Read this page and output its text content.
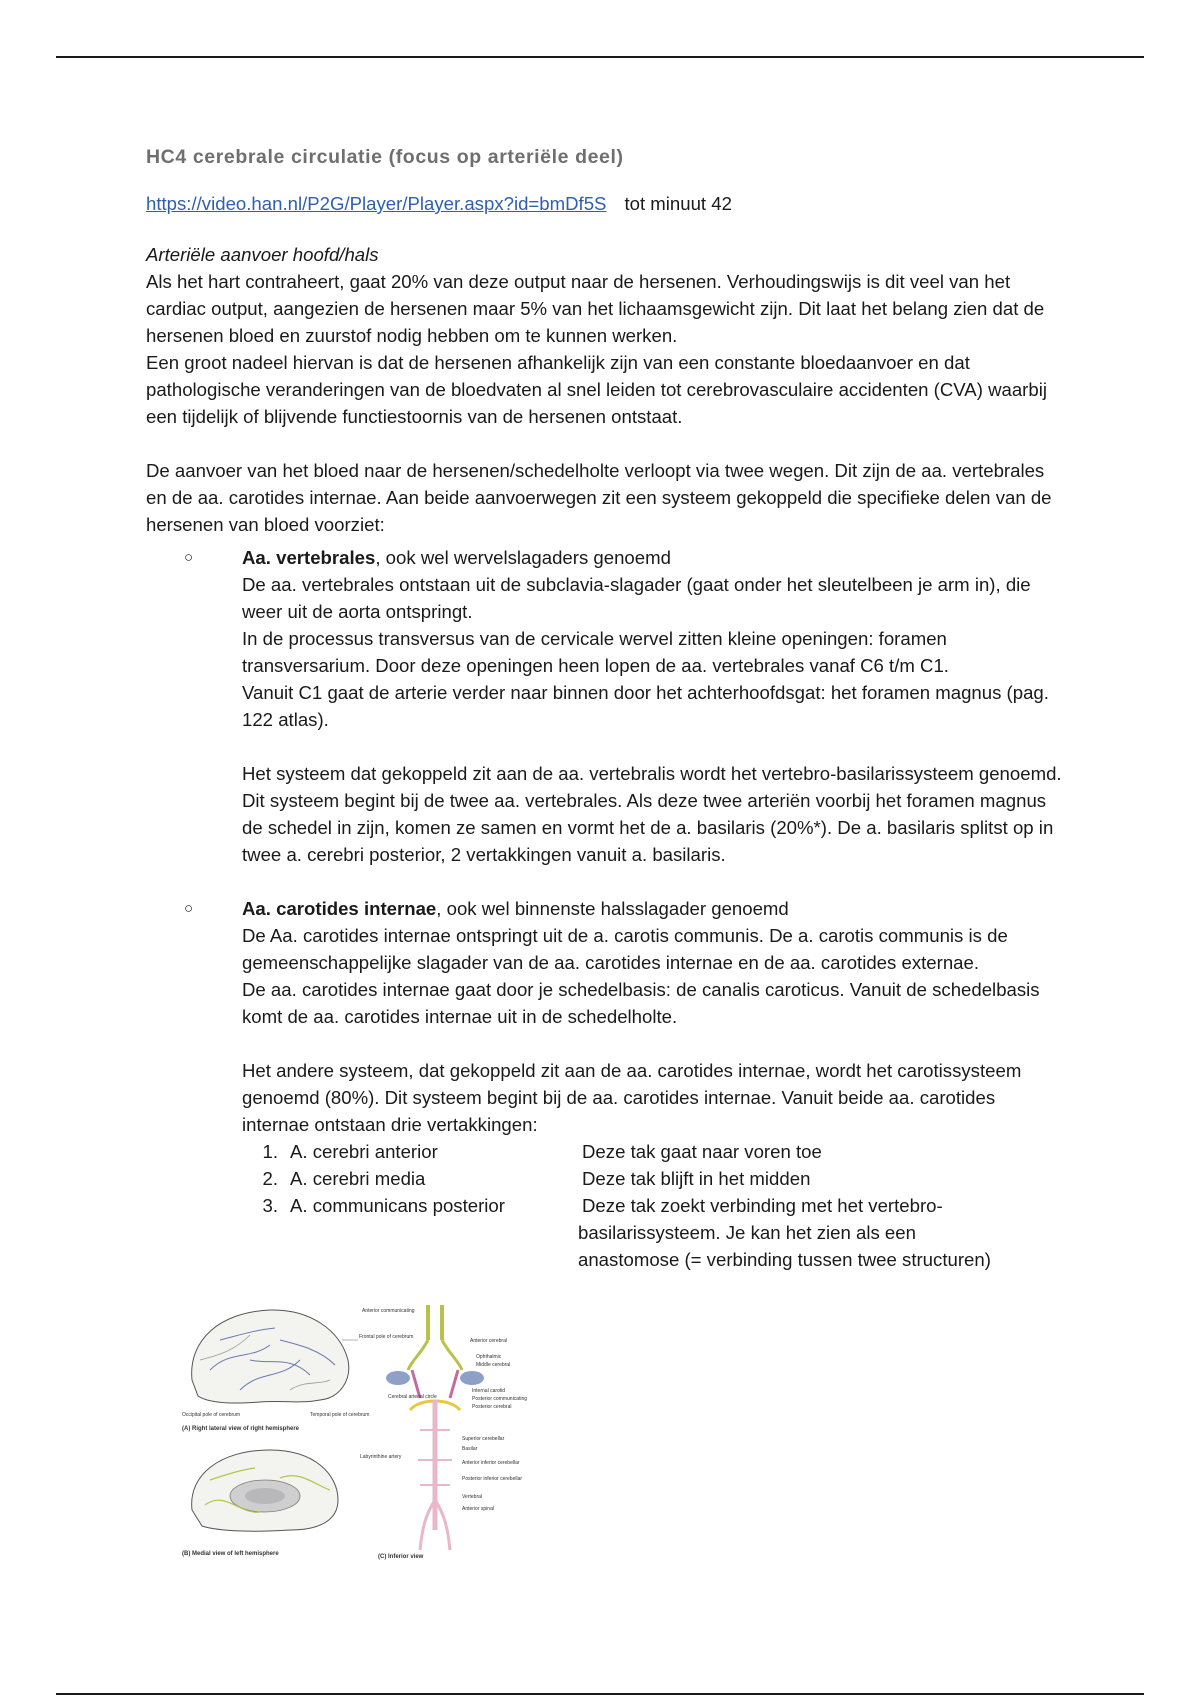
HC4 cerebrale circulatie (focus op arteriële deel)
https://video.han.nl/P2G/Player/Player.aspx?id=bmDf5S tot minuut 42
Arteriële aanvoer hoofd/hals

Als het hart contraheert, gaat 20% van deze output naar de hersenen. Verhoudingswijs is dit veel van het cardiac output, aangezien de hersenen maar 5% van het lichaamsgewicht zijn. Dit laat het belang zien dat de hersenen bloed en zuurstof nodig hebben om te kunnen werken.

Een groot nadeel hiervan is dat de hersenen afhankelijk zijn van een constante bloedaanvoer en dat pathologische veranderingen van de bloedvaten al snel leiden tot cerebrovasculaire accidenten (CVA) waarbij een tijdelijk of blijvende functiestoornis van de hersenen ontstaat.

De aanvoer van het bloed naar de hersenen/schedelholte verloopt via twee wegen. Dit zijn de aa. vertebrales en de aa. carotides internae. Aan beide aanvoerwegen zit een systeem gekoppeld die specifieke delen van de hersenen van bloed voorziet:

○	Aa. vertebrales, ook wel wervelslagaders genoemd

De aa. vertebrales ontstaan uit de subclavia-slagader (gaat onder het sleutelbeen je arm in), die weer uit de aorta ontspringt.

In de processus transversus van de cervicale wervel zitten kleine openingen: foramen transversarium. Door deze openingen heen lopen de aa. vertebrales vanaf C6 t/m C1.

Vanuit C1 gaat de arterie verder naar binnen door het achterhoofdsgat: het foramen magnus (pag. 122 atlas).

Het systeem dat gekoppeld zit aan de aa. vertebralis wordt het vertebro-basilarissysteem genoemd. Dit systeem begint bij de twee aa. vertebrales. Als deze twee arteriën voorbij het foramen magnus de schedel in zijn, komen ze samen en vormt het de a. basilaris (20%*). De a. basilaris splitst op in twee a. cerebri posterior, 2 vertakkingen vanuit a. basilaris.

○	Aa. carotides internae, ook wel binnenste halsslagader genoemd

De Aa. carotides internae ontspringt uit de a. carotis communis. De a. carotis communis is de gemeenschappelijke slagader van de aa. carotides internae en de aa. carotides externae.

De aa. carotides internae gaat door je schedelbasis: de canalis caroticus. Vanuit de schedelbasis komt de aa. carotides internae uit in de schedelholte.

Het andere systeem, dat gekoppeld zit aan de aa. carotides internae, wordt het carotissysteem genoemd (80%). Dit systeem begint bij de aa. carotides internae. Vanuit beide aa. carotides internae ontstaan drie vertakkingen:

1. A. cerebri anterior	Deze tak gaat naar voren toe
2. A. cerebri media	Deze tak blijft in het midden
3. A. communicans posterior	Deze tak zoekt verbinding met het vertebro-
basilarissysteem. Je kan het zien als een anastomose (= verbinding tussen twee structuren)
Frontal pole of cerebrum
Occipital pole of cerebrum	Temporal pole of cerebrum
(A) Right lateral view of right hemisphere
(B) Medial view of left hemisphere
Anterior communicating
Anterior cerebral
Ophthalmic
Middle cerebral
Cerebral arterial circle
Internal carotid
Posterior communicating
Posterior cerebral
Superior cerebellar
Basilar
Labyrinthine artery
Anterior inferior cerebellar
Posterior inferior cerebellar
Vertebral
Anterior spinal
(C) Inferior view
